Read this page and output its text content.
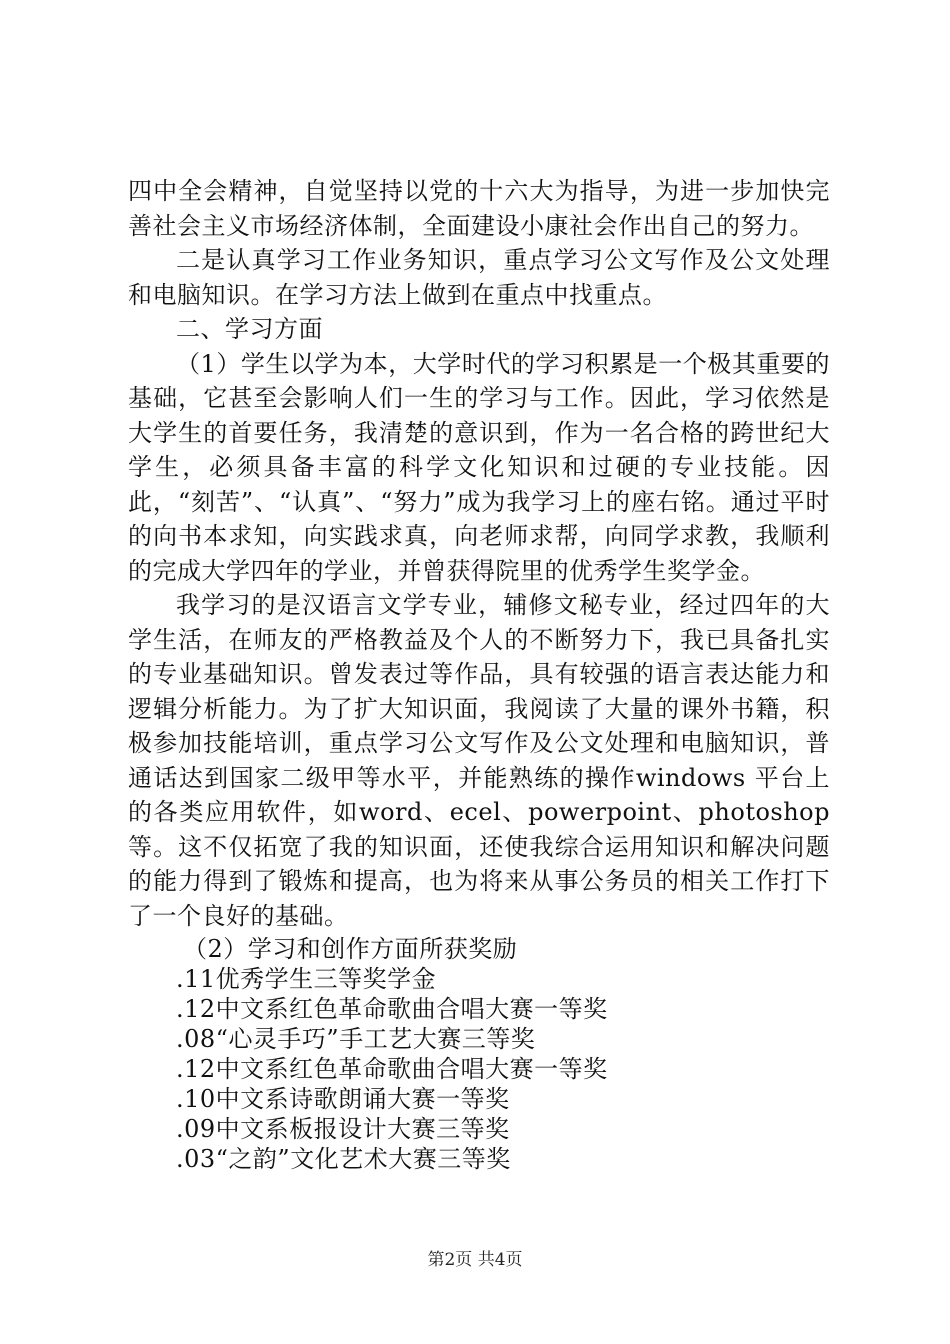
四中全会精神，自觉坚持以党的十六大为指导，为进一步加快完善社会主义市场经济体制，全面建设小康社会作出自己的努力。

二是认真学习工作业务知识，重点学习公文写作及公文处理和电脑知识。在学习方法上做到在重点中找重点。

二、学习方面

（1）学生以学为本，大学时代的学习积累是一个极其重要的基础，它甚至会影响人们一生的学习与工作。因此，学习依然是大学生的首要任务，我清楚的意识到，作为一名合格的跨世纪大学生，必须具备丰富的科学文化知识和过硬的专业技能。因此，“刻苦”、“认真”、“努力”成为我学习上的座右铭。通过平时的向书本求知，向实践求真，向老师求帮，向同学求教，我顺利的完成大学四年的学业，并曾获得院里的优秀学生奖学金。

我学习的是汉语言文学专业，辅修文秘专业，经过四年的大学生活，在师友的严格教益及个人的不断努力下，我已具备扎实的专业基础知识。曾发表过等作品，具有较强的语言表达能力和逻辑分析能力。为了扩大知识面，我阅读了大量的课外书籍，积极参加技能培训，重点学习公文写作及公文处理和电脑知识，普通话达到国家二级甲等水平，并能熟练的操作windows 平台上的各类应用软件，如word、ecel、powerpoint、photoshop等。这不仅拓宽了我的知识面，还使我综合运用知识和解决问题的能力得到了锻炼和提高，也为将来从事公务员的相关工作打下了一个良好的基础。

（2）学习和创作方面所获奖励

.11优秀学生三等奖学金
.12中文系红色革命歌曲合唱大赛一等奖
.08“心灵手巧”手工艺大赛三等奖
.12中文系红色革命歌曲合唱大赛一等奖
.10中文系诗歌朗诵大赛一等奖
.09中文系板报设计大赛三等奖
.03“之韵”文化艺术大赛三等奖
第2页 共4页
